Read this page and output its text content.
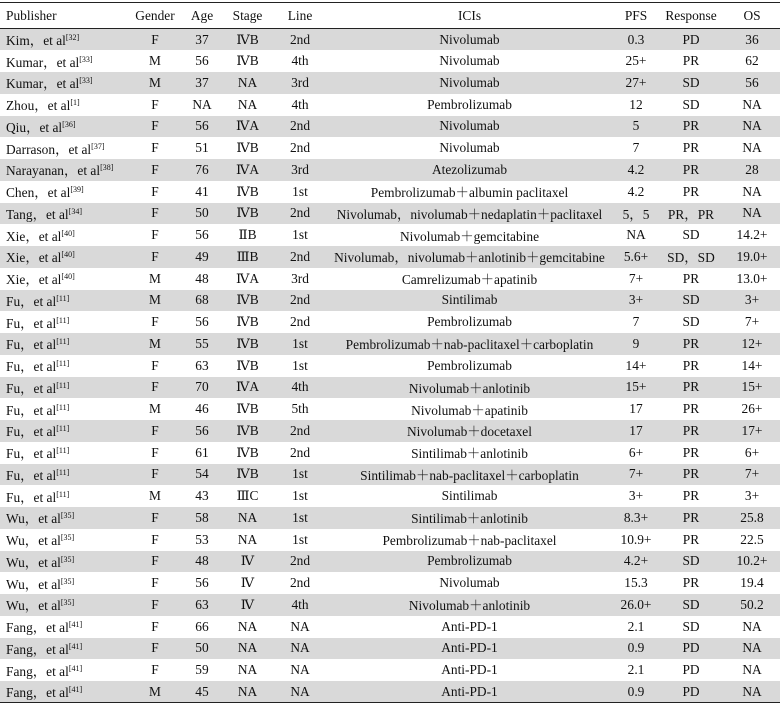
Publisher	Gender	Age	Stage	Line	ICIs	PFS	Response	OS
Kim，et al[32]	F	37	ⅣB	2nd	Nivolumab	0.3	PD	36
Kumar，et al[33]	M	56	ⅣB	4th	Nivolumab	25+	PR	62
Kumar，et al[33]	M	37	NA	3rd	Nivolumab	27+	SD	56
Zhou，et al[1]	F	NA	NA	4th	Pembrolizumab	12	SD	NA
Qiu，et al[36]	F	56	ⅣA	2nd	Nivolumab	5	PR	NA
Darrason，et al[37]	F	51	ⅣB	2nd	Nivolumab	7	PR	NA
Narayanan，et al[38]	F	76	ⅣA	3rd	Atezolizumab	4.2	PR	28
Chen，et al[39]	F	41	ⅣB	1st	Pembrolizumab＋albumin paclitaxel	4.2	PR	NA
Tang，et al[34]	F	50	ⅣB	2nd	Nivolumab，nivolumab＋nedaplatin＋paclitaxel	5，5	PR，PR	NA
Xie，et al[40]	F	56	ⅡB	1st	Nivolumab＋gemcitabine	NA	SD	14.2+
Xie，et al[40]	F	49	ⅢB	2nd	Nivolumab，nivolumab＋anlotinib＋gemcitabine	5.6+	SD，SD	19.0+
Xie，et al[40]	M	48	ⅣA	3rd	Camrelizumab＋apatinib	7+	PR	13.0+
Fu，et al[11]	M	68	ⅣB	2nd	Sintilimab	3+	SD	3+
Fu，et al[11]	F	56	ⅣB	2nd	Pembrolizumab	7	SD	7+
Fu，et al[11]	M	55	ⅣB	1st	Pembrolizumab＋nab-paclitaxel＋carboplatin	9	PR	12+
Fu，et al[11]	F	63	ⅣB	1st	Pembrolizumab	14+	PR	14+
Fu，et al[11]	F	70	ⅣA	4th	Nivolumab＋anlotinib	15+	PR	15+
Fu，et al[11]	M	46	ⅣB	5th	Nivolumab＋apatinib	17	PR	26+
Fu，et al[11]	F	56	ⅣB	2nd	Nivolumab＋docetaxel	17	PR	17+
Fu，et al[11]	F	61	ⅣB	2nd	Sintilimab＋anlotinib	6+	PR	6+
Fu，et al[11]	F	54	ⅣB	1st	Sintilimab＋nab-paclitaxel＋carboplatin	7+	PR	7+
Fu，et al[11]	M	43	ⅢC	1st	Sintilimab	3+	PR	3+
Wu，et al[35]	F	58	NA	1st	Sintilimab＋anlotinib	8.3+	PR	25.8
Wu，et al[35]	F	53	NA	1st	Pembrolizumab＋nab-paclitaxel	10.9+	PR	22.5
Wu，et al[35]	F	48	Ⅳ	2nd	Pembrolizumab	4.2+	SD	10.2+
Wu，et al[35]	F	56	Ⅳ	2nd	Nivolumab	15.3	PR	19.4
Wu，et al[35]	F	63	Ⅳ	4th	Nivolumab＋anlotinib	26.0+	SD	50.2
Fang，et al[41]	F	66	NA	NA	Anti-PD-1	2.1	SD	NA
Fang，et al[41]	F	50	NA	NA	Anti-PD-1	0.9	PD	NA
Fang，et al[41]	F	59	NA	NA	Anti-PD-1	2.1	PD	NA
Fang，et al[41]	M	45	NA	NA	Anti-PD-1	0.9	PD	NA
